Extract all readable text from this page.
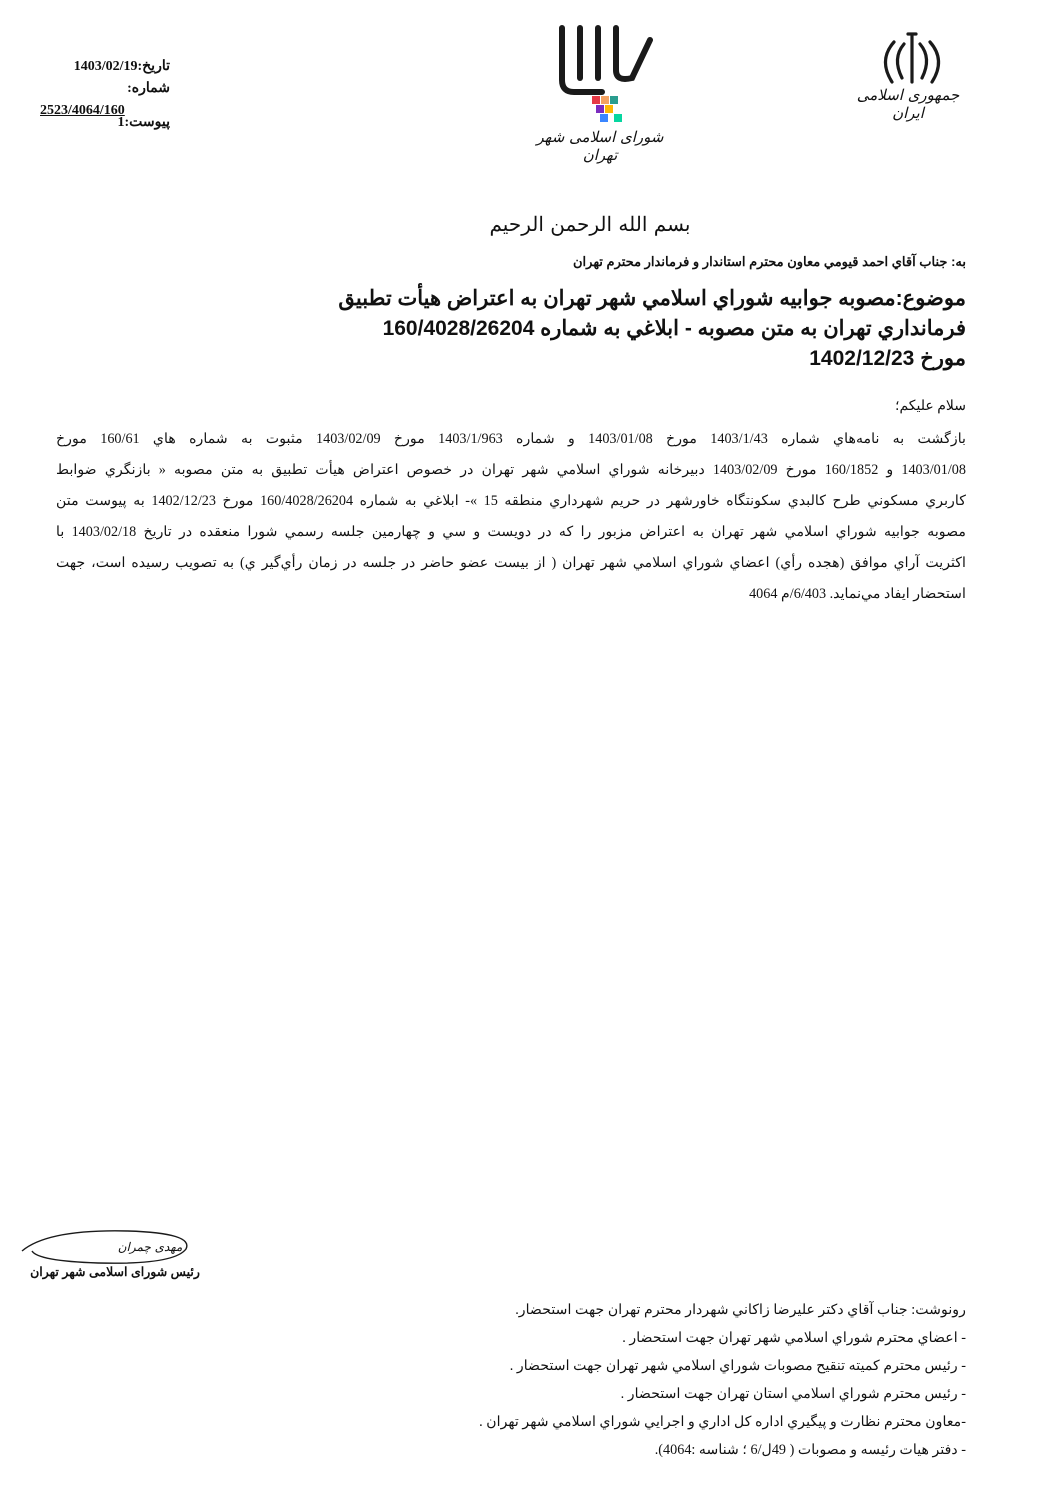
تاريخ:1403/02/19
شماره:
2523/4064/160
پیوست:1
شورای اسلامی شهر تهران
جمهوری اسلامی ایران
بسم الله الرحمن الرحيم
به: جناب آقاي احمد قيومي معاون محترم استاندار و فرماندار محترم تهران
موضوع:مصوبه جوابيه شوراي اسلامي شهر تهران به اعتراض هيأت تطبيق
فرمانداري تهران به متن مصوبه - ابلاغي به شماره 160/4028/26204
مورخ 1402/12/23
سلام عليكم؛
بازگشت به نامه‌هاي شماره 1403/1/43 مورخ 1403/01/08 و شماره 1403/1/963 مورخ 1403/02/09 مثبوت به شماره هاي 160/61 مورخ
1403/01/08 و 160/1852 مورخ 1403/02/09 دبيرخانه شوراي اسلامي شهر تهران در خصوص اعتراض هيأت تطبيق به متن مصوبه « بازنگري ضوابط
كاربري مسكوني طرح كالبدي سكونتگاه خاورشهر در حريم شهرداري منطقه 15 »- ابلاغي به شماره 160/4028/26204 مورخ 1402/12/23 به پيوست متن
مصوبه جوابيه شوراي اسلامي شهر تهران به اعتراض مزبور را كه در دويست و سي و چهارمين جلسه رسمي شورا منعقده در تاريخ 1403/02/18 با
اكثريت آراي موافق (هجده رأي) اعضاي شوراي اسلامي شهر تهران ( از بيست عضو حاضر در جلسه در زمان رأي‌گير ي) به تصويب رسيده است، جهت
استحضار ايفاد مي‌نمايد. 6/403/م 4064
مهدی چمران
رئيس شورای اسلامی شهر تهران
رونوشت: جناب آقاي دكتر عليرضا زاكاني شهردار محترم تهران جهت استحضار.
- اعضاي محترم شوراي اسلامي شهر تهران جهت استحضار .
- رئيس محترم كميته تنقيح مصوبات شوراي اسلامي شهر تهران جهت استحضار .
- رئيس محترم شوراي اسلامي استان تهران جهت استحضار .
-معاون محترم نظارت و پيگيري اداره كل اداري و اجرايي شوراي اسلامي شهر تهران .
- دفتر هيات رئيسه و مصوبات ( 49ل/6 ؛ شناسه :4064).
